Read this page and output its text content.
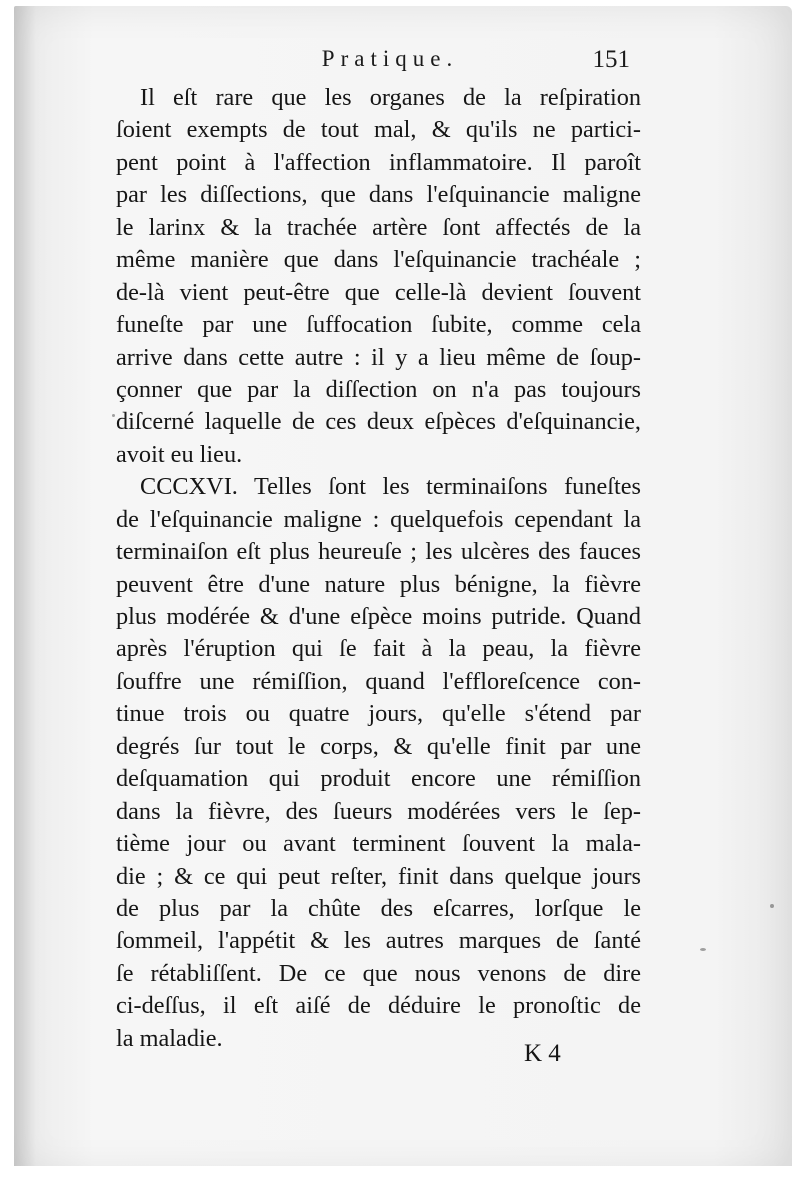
Pratique.	151
Il eſt rare que les organes de la reſpiration
ſoient exempts de tout mal, & qu'ils ne partici-
pent point à l'affection inflammatoire. Il paroît
par les diſſections, que dans l'eſquinancie maligne
le larinx & la trachée artère ſont affectés de la
même manière que dans l'eſquinancie trachéale ;
de-là vient peut-être que celle-là devient ſouvent
funeſte par une ſuffocation ſubite, comme cela
arrive dans cette autre : il y a lieu même de ſoup-
çonner que par la diſſection on n'a pas toujours
diſcerné laquelle de ces deux eſpèces d'eſquinancie,
avoit eu lieu.
CCCXVI. Telles ſont les terminaiſons funeſtes
de l'eſquinancie maligne : quelquefois cependant la
terminaiſon eſt plus heureuſe ; les ulcères des fauces
peuvent être d'une nature plus bénigne, la fièvre
plus modérée & d'une eſpèce moins putride. Quand
après l'éruption qui ſe fait à la peau, la fièvre
ſouffre une rémiſſion, quand l'effloreſcence con-
tinue trois ou quatre jours, qu'elle s'étend par
degrés ſur tout le corps, & qu'elle finit par une
deſquamation qui produit encore une rémiſſion
dans la fièvre, des ſueurs modérées vers le ſep-
tième jour ou avant terminent ſouvent la mala-
die ; & ce qui peut reſter, finit dans quelque jours
de plus par la chûte des eſcarres, lorſque le
ſommeil, l'appétit & les autres marques de ſanté
ſe rétabliſſent. De ce que nous venons de dire
ci-deſſus, il eſt aiſé de déduire le pronoſtic de
la maladie.
K 4
